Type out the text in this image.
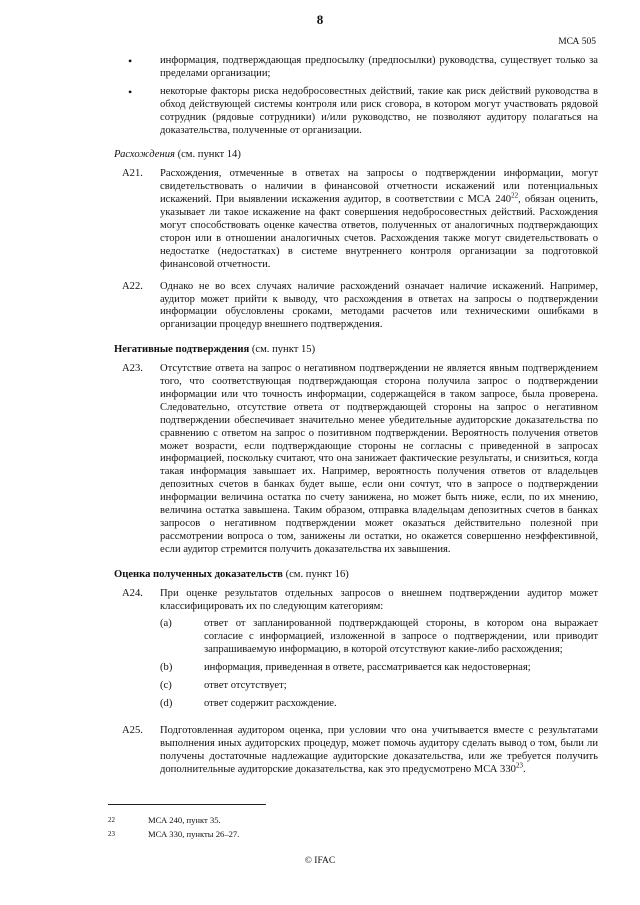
8
МСА 505
•	информация, подтверждающая предпосылку (предпосылки) руководства, существует только за пределами организации;
•	некоторые факторы риска недобросовестных действий, такие как риск действий руководства в обход действующей системы контроля или риск сговора, в котором могут участвовать рядовой сотрудник (рядовые сотрудники) и/или руководство, не позволяют аудитору полагаться на доказательства, полученные от организации.
Расхождения (см. пункт 14)
A21.	Расхождения, отмеченные в ответах на запросы о подтверждении информации, могут свидетельствовать о наличии в финансовой отчетности искажений или потенциальных искажений. При выявлении искажения аудитор, в соответствии с МСА $240^{22}$, обязан оценить, указывает ли такое искажение на факт совершения недобросовестных действий. Расхождения могут способствовать оценке качества ответов, полученных от аналогичных подтверждающих сторон или в отношении аналогичных счетов. Расхождения также могут свидетельствовать о недостатке (недостатках) в системе внутреннего контроля организации за подготовкой финансовой отчетности.

A22.	Однако не во всех случаях наличие расхождений означает наличие искажений. Например, аудитор может прийти к выводу, что расхождения в ответах на запросы о подтверждении информации обусловлены сроками, методами расчетов или техническими ошибками в организации процедур внешнего подтверждения.

Негативные подтверждения (см. пункт 15)
A23.	Отсутствие ответа на запрос о негативном подтверждении не является явным подтверждением того, что соответствующая подтверждающая сторона получила запрос о подтверждении информации или что точность информации, содержащейся в таком запросе, была проверена. Следовательно, отсутствие ответа от подтверждающей стороны на запрос о негативном подтверждении обеспечивает значительно менее убедительные аудиторские доказательства по сравнению с ответом на запрос о позитивном подтверждении. Вероятность получения ответов может возрасти, если подтверждающие стороны не согласны с приведенной в запросах информацией, поскольку считают, что она занижает фактические результаты, и снизиться, когда такая информация завышает их. Например, вероятность получения ответов от владельцев депозитных счетов в банках будет выше, если они сочтут, что в запросе о подтверждении информации величина остатка по счету занижена, но может быть ниже, если, по их мнению, величина остатка завышена. Таким образом, отправка владельцам депозитных счетов в банках запросов о негативном подтверждении может оказаться действительно полезной при рассмотрении вопроса о том, занижены ли остатки, но окажется совершенно неэффективной, если аудитор стремится получить доказательства их завышения.

Оценка полученных доказательств (см. пункт 16)
A24.	При оценке результатов отдельных запросов о внешнем подтверждении аудитор может классифицировать их по следующим категориям:

(a)	ответ от запланированной подтверждающей стороны, в котором она выражает согласие с информацией, изложенной в запросе о подтверждении, или приводит запрашиваемую информацию, в которой отсутствуют какие-либо расхождения;
(b)	информация, приведенная в ответе, рассматривается как недостоверная;
(c)	ответ отсутствует;
(d)	ответ содержит расхождение.
A25.	Подготовленная аудитором оценка, при условии что она учитывается вместе с результатами выполнения иных аудиторских процедур, может помочь аудитору сделать вывод о том, были ли получены достаточные надлежащие аудиторские доказательства, или же требуется получить дополнительные аудиторские доказательства, как это предусмотрено МСА $330^{23}$.

22	МСА 240, пункт 35.
23	МСА 330, пункты 26–27.
© IFAC
